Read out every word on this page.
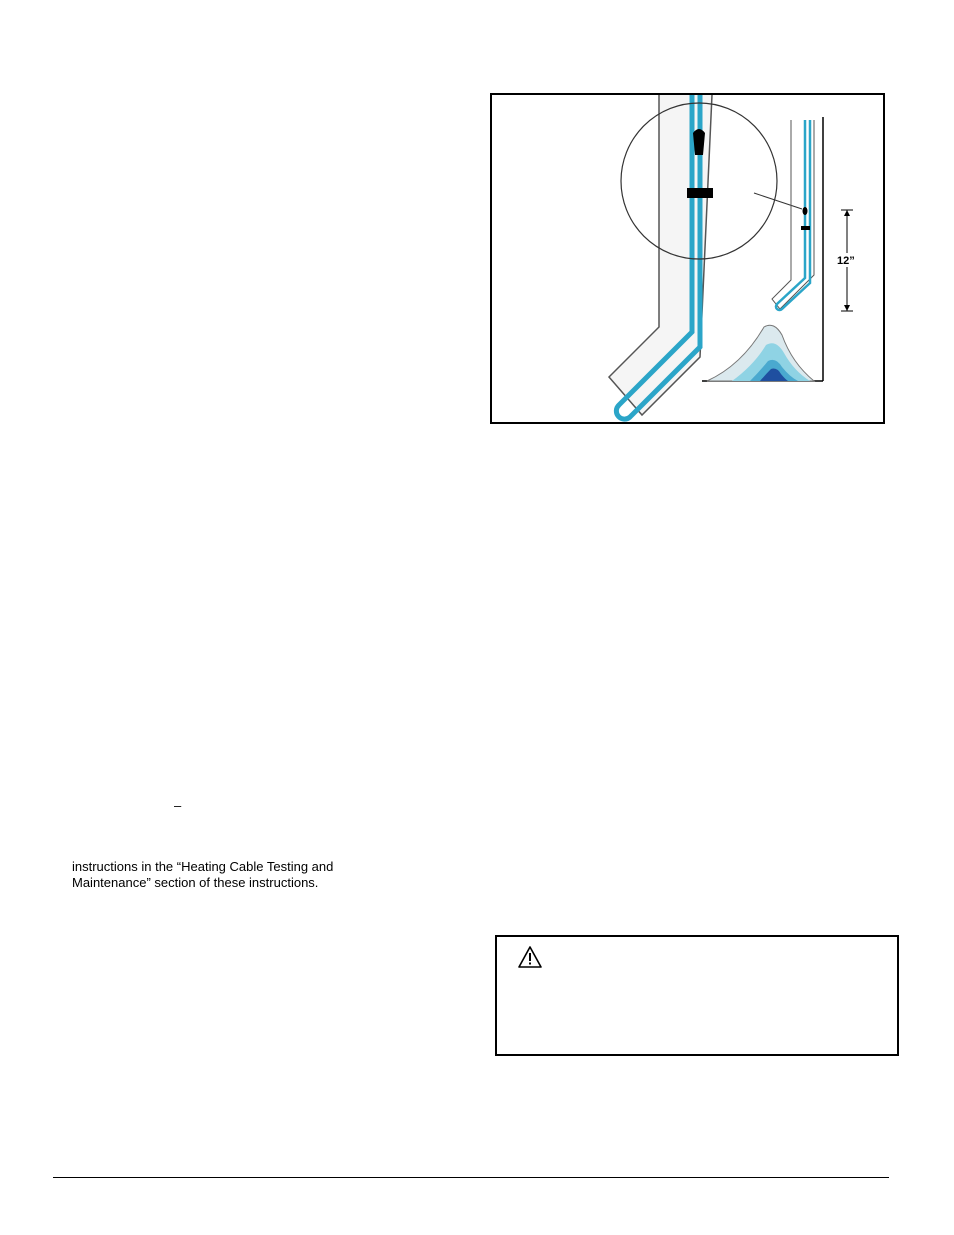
12”
–

instructions in the “Heating Cable Testing and Maintenance” section of these instructions.
